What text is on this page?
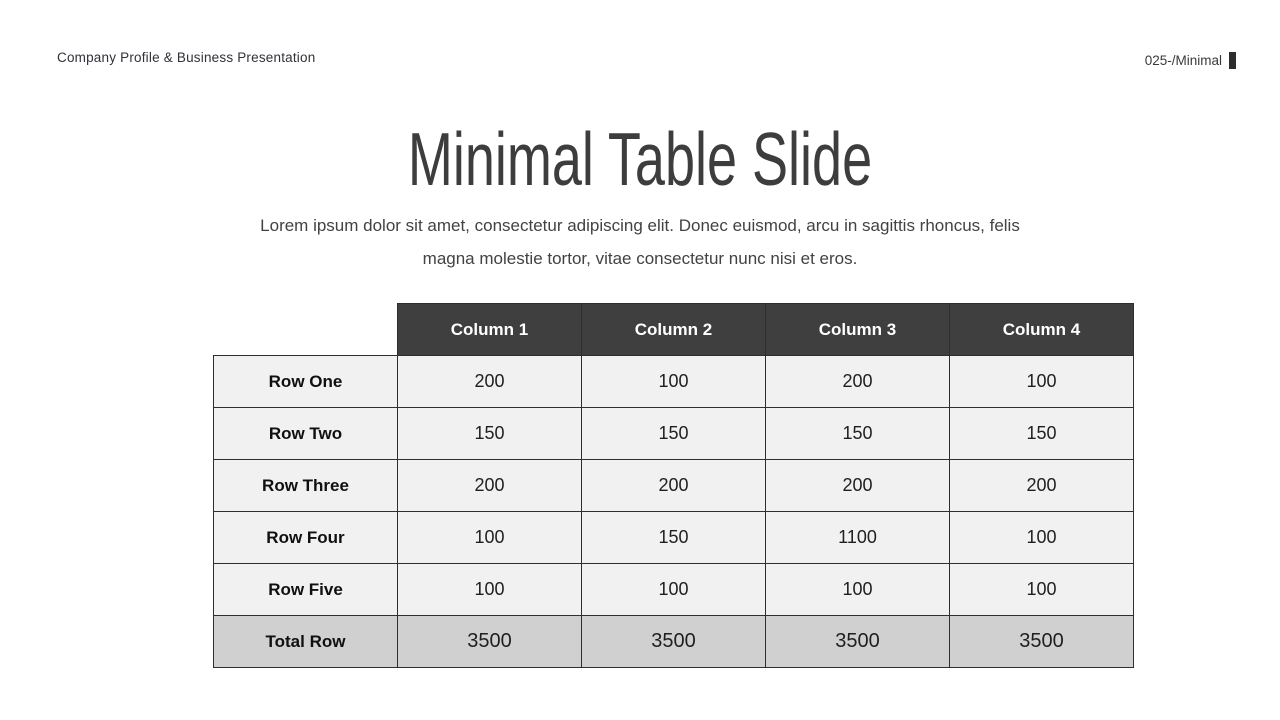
Company Profile & Business Presentation	025-/Minimal
Minimal Table Slide
Lorem ipsum dolor sit amet, consectetur adipiscing elit. Donec euismod, arcu in sagittis rhoncus, felis
magna molestie tortor, vitae consectetur nunc nisi et eros.
	Column 1	Column 2	Column 3	Column 4
Row One	200	100	200	100
Row Two	150	150	150	150
Row Three	200	200	200	200
Row Four	100	150	1100	100
Row Five	100	100	100	100
Total Row	3500	3500	3500	3500
